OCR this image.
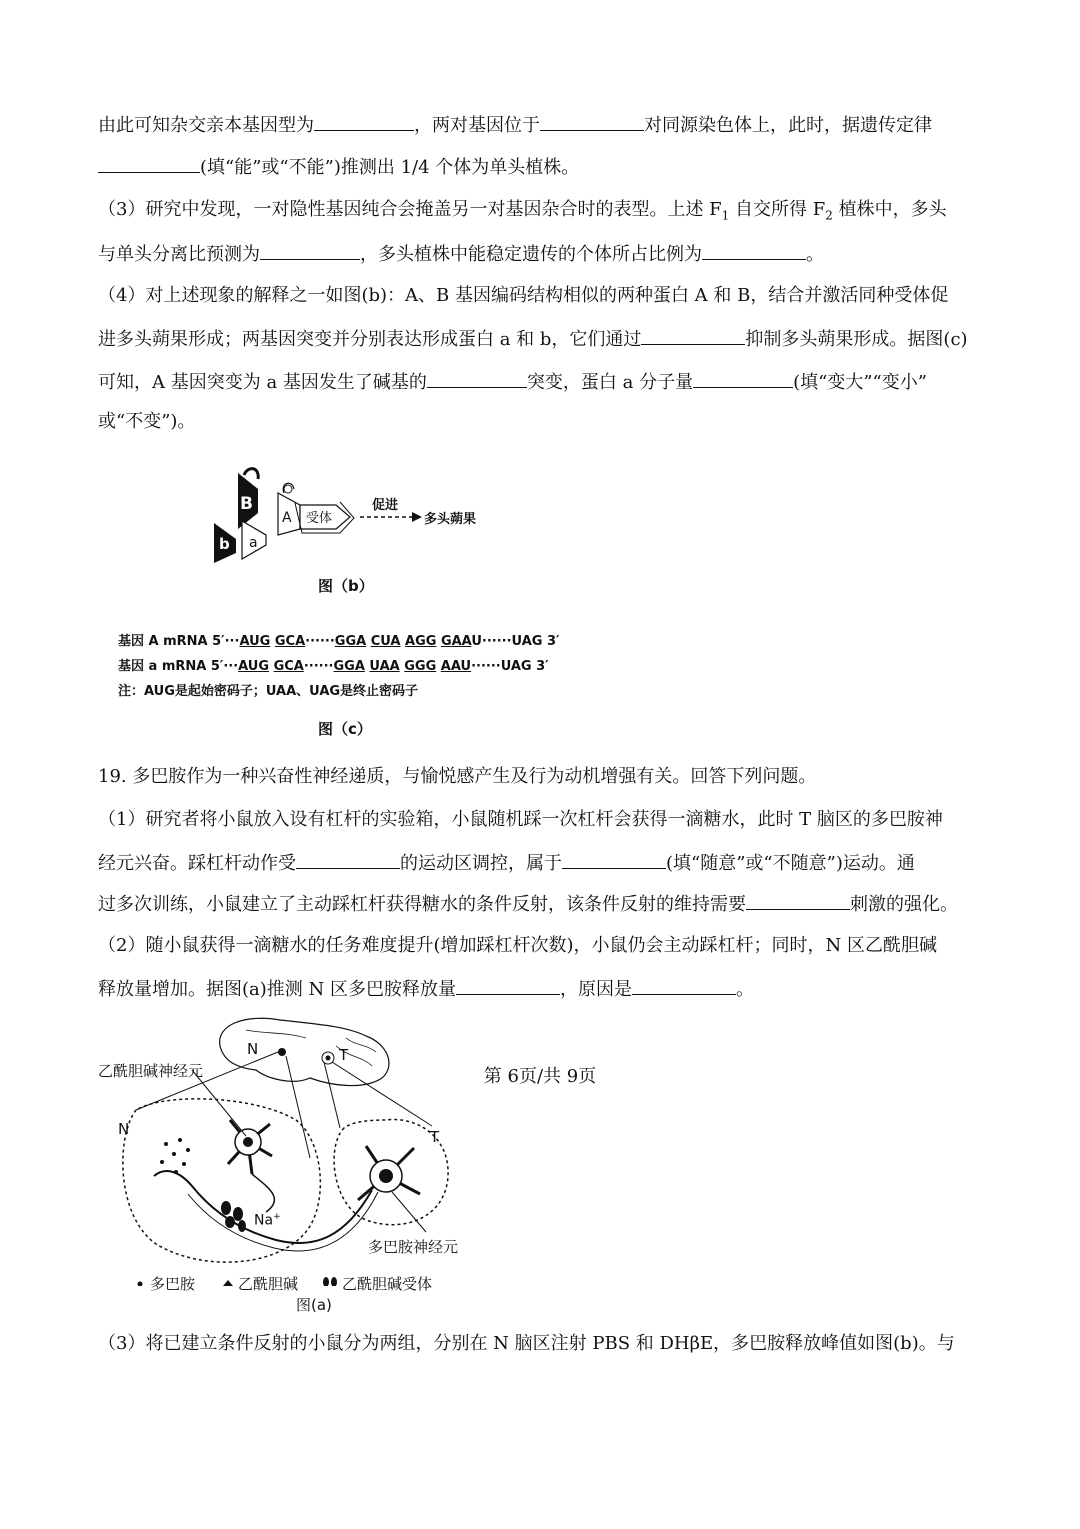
由此可知杂交亲本基因型为	，两对基因位于	对同源染色体上，此时，据遗传定律
(填“能”或“不能”)推测出 1/4 个体为单头植株。
（3）研究中发现，一对隐性基因纯合会掩盖另一对基因杂合时的表型。上述 $F_1$ 自交所得 $F_2$ 植株中，多头
与单头分离比预测为	，多头植株中能稳定遗传的个体所占比例为	。
（4）对上述现象的解释之一如图(b)：A、B 基因编码结构相似的两种蛋白 A 和 B，结合并激活同种受体促
进多头蒴果形成；两基因突变并分别表达形成蛋白 a 和 b，它们通过	抑制多头蒴果形成。据图(c)
可知，A 基因突变为 a 基因发生了碱基的	突变，蛋白 a 分子量	(填“变大”“变小”
或“不变”)。
B
b a
A 受体
促进
多头蒴果
图（b）
基因 A mRNA 5′···AUG GCA······GGA CUA AGG GAAU······UAG 3′
基因 a mRNA 5′···AUG GCA······GGA UAA GGG AAU······UAG 3′
注：AUG是起始密码子；UAA、UAG是终止密码子
图（c）
19. 多巴胺作为一种兴奋性神经递质，与愉悦感产生及行为动机增强有关。回答下列问题。
（1）研究者将小鼠放入设有杠杆的实验箱，小鼠随机踩一次杠杆会获得一滴糖水，此时 T 脑区的多巴胺神
经元兴奋。踩杠杆动作受	的运动区调控，属于	(填“随意”或“不随意”)运动。通
过多次训练，小鼠建立了主动踩杠杆获得糖水的条件反射，该条件反射的维持需要	刺激的强化。
（2）随小鼠获得一滴糖水的任务难度提升(增加踩杠杆次数)，小鼠仍会主动踩杠杆；同时，N 区乙酰胆碱
释放量增加。据图(a)推测 N 区多巴胺释放量	，原因是	。
乙酰胆碱神经元
N	T
N	T
Na+
多巴胺神经元
多巴胺	乙酰胆碱	乙酰胆碱受体
图(a)
（3）将已建立条件反射的小鼠分为两组，分别在 N 脑区注射 PBS 和 DHβE，多巴胺释放峰值如图(b)。与
第 6页/共 9页
